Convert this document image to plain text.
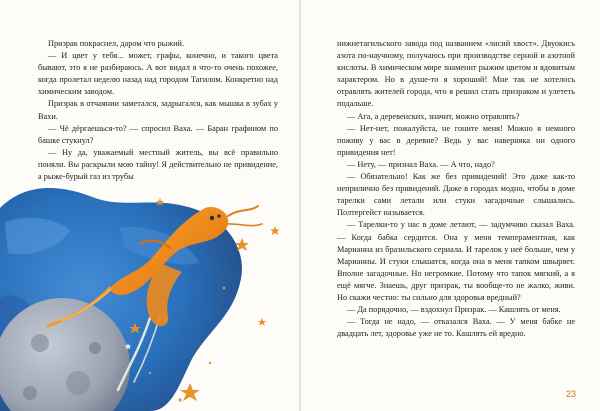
Призрак покраснел, даром что рыжий.

— И цвет у тебя... может, графы, конечно, и такого цвета бывают, это я не разбираюсь. А вот видал я что-то очень похожее, когда пролетал неделю назад над городом Тагилом. Конкретно над химическим заводом.

Призрак в отчаянии заметался, задрыгался, как мышка в зубах у Вахи.

— Чё дёргаешься-то? — спросил Ваха. — Баран графином по башке стукнул?

— Ну да, уважаемый местный житель, вы всё правильно поняли. Вы раскрыли мою тайну! Я действительно не привидение, а рыже-бурый газ из трубы

нижнетагильского завода под названием «лисий хвост». Двуокись азота по-научному, получаюсь при производстве серной и азотной кислоты. В химическом мире знаменит рыжим цветом и ядовитым характером. Но в душе-то я хороший! Мне так не хотелось отравлять жителей города, что я решил стать призраком и улететь подальше.

— Ага, а деревенских, значит, можно отравлять?

— Нет-нет, пожалуйста, не гоните меня! Можно я немного поживу у вас в деревне? Ведь у вас наверняка ни одного привидения нет!

— Нету, — признал Ваха. — А что, надо?

— Обязательно! Как же без привидений! Это даже как-то неприлично без привидений. Даже в городах модно, чтобы в доме тарелки сами летали или стуки загадочные слышались. Полтергейст называется.

— Тарелки-то у нас в доме летают, — задумчиво сказал Ваха. — Когда бабка сердится. Она у меня темпераментная, как Марианна из бразильского сериала. И тарелок у неё больше, чем у Марианны. И стуки слышатся, когда она в меня тапком швыряет. Вполне загадочные. Но негромкие. Потому что тапок мягкий, а я ещё мягче. Знаешь, друг призрак, ты вообще-то не жалко, живи. Но скажи честно: ты сильно для здоровья вредный?

— Да порядочно, — вздохнул Призрак. — Кашлять от меня.

— Тогда не надо, — отказался Ваха. — У меня бабке не двадцать лет, здоровье уже не то. Кашлять ей вредно.

23
